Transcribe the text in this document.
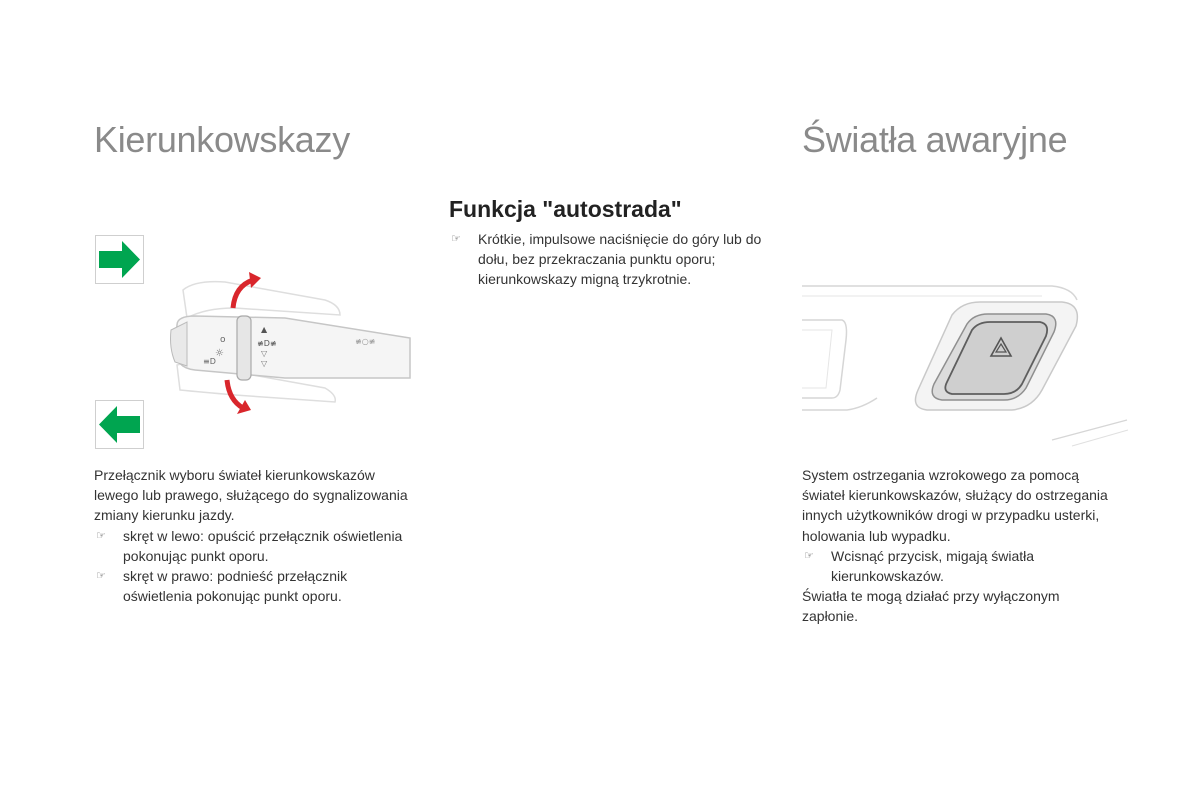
Kierunkowskazy
o
☼
≡D
▲
≢D≢
▽
▽
≢○≢

Przełącznik wyboru świateł kierunkowskazów lewego lub prawego, służącego do sygnalizowania zmiany kierunku jazdy.

☞ skręt w lewo: opuścić przełącznik oświetlenia pokonując punkt oporu.
☞ skręt w prawo: podnieść przełącznik oświetlenia pokonując punkt oporu.
Funkcja "autostrada"
☞ Krótkie, impulsowe naciśnięcie do góry lub do dołu, bez przekraczania punktu oporu; kierunkowskazy migną trzykrotnie.
Światła awaryjne

System ostrzegania wzrokowego za pomocą świateł kierunkowskazów, służący do ostrzegania innych użytkowników drogi w przypadku usterki, holowania lub wypadku.

☞ Wcisnąć przycisk, migają światła kierunkowskazów.

Światła te mogą działać przy wyłączonym zapłonie.
